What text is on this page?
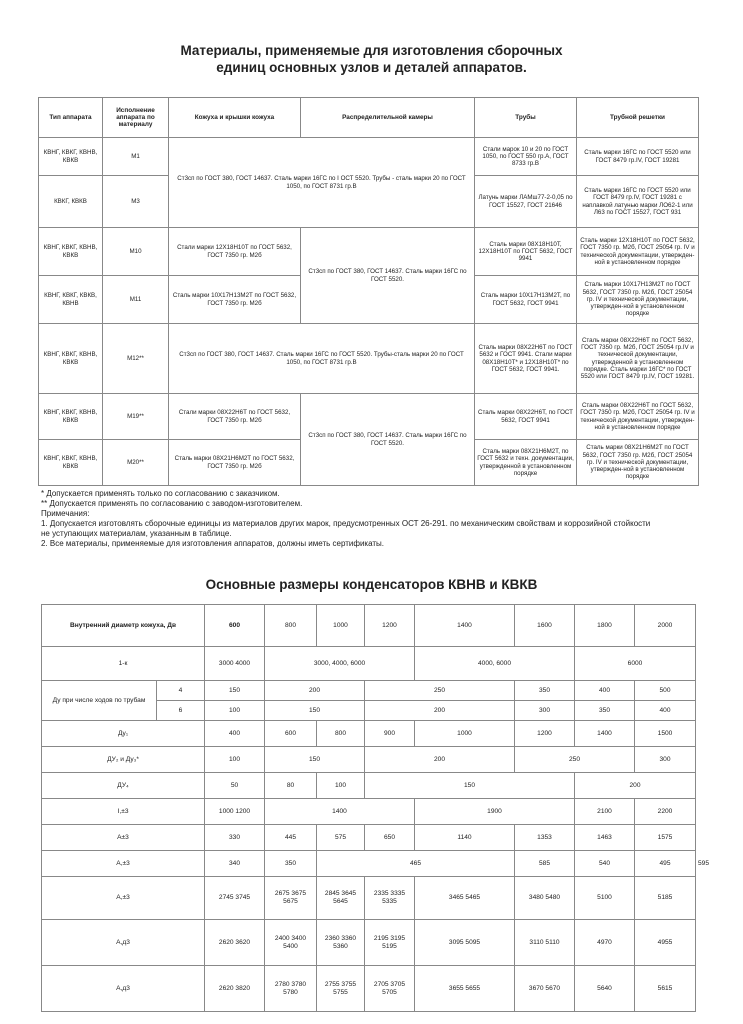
Материалы, применяемые для изготовления сборочных
единиц основных узлов и деталей аппаратов.
Тип аппарата	Исполнение аппарата по материалу	Кожуха и крышки кожуха	Распределительной камеры	Трубы	Трубной решетки
КВНГ, КВКГ, КВНВ, КВКВ	М1	Ст3сп по ГОСТ 380, ГОСТ 14637. Сталь марки 16ГС по I ОСТ 5520. Трубы - сталь марки 20 по ГОСТ 1050, по ГОСТ 8731 гр.В		Стали марок 10 и 20 по ГОСТ 1050, по ГОСТ 550 гр.А, ГОСТ 8733 гр.В	Сталь марки 16ГС по ГОСТ 5520 или ГОСТ 8479 гр.IV, ГОСТ 19281
КВКГ, КВКВ	М3			Латунь марки ЛАМш77-2-0,05 по ГОСТ 15527, ГОСТ 21646	Сталь марки 16ГС по ГОСТ 5520 или ГОСТ 8479 гр.IV, ГОСТ 19281 с наплавкой латунью марки ЛО62-1 или Л63 по ГОСТ 15527, ГОСТ 931
КВНГ, КВКГ, КВНВ, КВКВ	М10	Стали марки 12Х18Н10Т по ГОСТ 5632, ГОСТ 7350 гр. М2б	Ст3сп по ГОСТ 380, ГОСТ 14637. Сталь марки 16ГС по ГОСТ 5520.	Сталь марки 08Х18Н10Т, 12Х18Н10Т по ГОСТ 5632, ГОСТ 9941	Сталь марки 12Х18Н10Т по ГОСТ 5632, ГОСТ 7350 гр. М2б, ГОСТ 25054 гр. IV и технической документации, утвержден-ной в установленном порядке
КВНГ, КВКГ, КВКВ, КВНВ	М11	Сталь марки 10Х17Н13М2Т по ГОСТ 5632, ГОСТ 7350 гр. М2б		Сталь марки 10Х17Н13М2Т, по ГОСТ 5632, ГОСТ 9941	Сталь марки 10Х17Н13М2Т по ГОСТ 5632, ГОСТ 7350 гр. М2б, ГОСТ 25054 гр. IV и технической документации, утвержден-ной в установленном порядке
КВНГ, КВКГ, КВНВ, КВКВ	М12**	Ст3сп по ГОСТ 380, ГОСТ 14637. Сталь марки 16ГС по ГОСТ 5520. Трубы-сталь марки 20 по ГОСТ 1050, по ГОСТ 8731 гр.В		Сталь марки 08Х22Н6Т по ГОСТ 5632 и ГОСТ 9941. Стали марки 08Х18Н10Т* и 12Х18Н10Т* по ГОСТ 5632, ГОСТ 9941.	Сталь марки 08Х22Н6Т по ГОСТ 5632, ГОСТ 7350 гр. М2б, ГОСТ 25054 гр.IV и технической документации, утвержденной в установленном порядке. Сталь марки 16ГС* по ГОСТ 5520 или ГОСТ 8479 гр.IV, ГОСТ 19281.
КВНГ, КВКГ, КВНВ, КВКВ	М19**	Стали марки 08Х22Н6Т по ГОСТ 5632, ГОСТ 7350 гр. М2б	Ст3сп по ГОСТ 380, ГОСТ 14637. Сталь марки 16ГС по ГОСТ 5520.	Сталь марки 08Х22Н6Т, по ГОСТ 5632, ГОСТ 9941	Сталь марки 08Х22Н6Т по ГОСТ 5632, ГОСТ 7350 гр. М2б, ГОСТ 25054 гр. IV и технической документации, утвержден-ной в установленном порядке
КВНГ, КВКГ, КВНВ, КВКВ	М20**	Сталь марки 08Х21Н6М2Т по ГОСТ 5632, ГОСТ 7350 гр. М2б		Сталь марки 08Х21Н6М2Т, по ГОСТ 5632 и техн. документации, утвержденной в установленном порядке	Сталь марки 08Х21Н6М2Т по ГОСТ 5632, ГОСТ 7350 гр. М2б, ГОСТ 25054 гр. IV и технической документации, утвержден-ной в установленном порядке
* Допускается применять только по согласованию с заказчиком.
** Допускается применять по согласованию с заводом-изготовителем.
Примечания:
1. Допускается изготовлять сборочные единицы из материалов других марок, предусмотренных ОСТ 26-291. по механическим свойствам и коррозийной стойкости
не уступающих материалам, указанным в таблице.
2. Все материалы, применяемые для изготовления аппаратов, должны иметь сертификаты.
Основные размеры конденсаторов КВНВ и КВКВ
Внутренний диаметр кожуха, Дв		600	800	1000	1200	1400	1600	1800	2000	
1-к		3000 4000	3000, 4000, 6000			4000, 6000		6000		
Ду при числе ходов по трубам	4	150	200		250		350	400	500	
	6	100	150		200		300	350	400	
Ду₁		400	600	800	900	1000	1200	1400	1500	
ДУ₂ и Ду₃*		100	150		200		250		300	
ДУ₄		50	80	100	150			200		
I,±3		1000 1200	1400			1900		2100	2200	
А±3		330	445	575	650	1140	1353	1463	1575	
А,±3		340	350	465			585	540	495	595
А,±3		2745 3745	2675 3675 5675	2845 3645 5645	2335 3335 5335	3465 5465	3480 5480	5100	5185	
А,д3		2620 3620	2400 3400 5400	2360 3360 5360	2195 3195 5195	3095 5095	3110 5110	4970	4955	
А,д3		2620 3820	2780 3780 5780	2755 3755 5755	2705 3705 5705	3655 5655	3670 5670	5640	5615	
